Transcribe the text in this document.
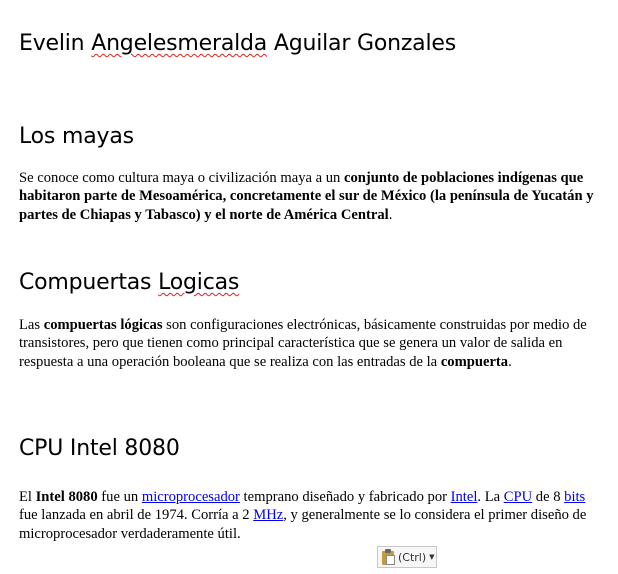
Evelin Angelesmeralda Aguilar Gonzales
Los mayas

Se conoce como cultura maya o civilización maya a un conjunto de poblaciones indígenas que habitaron parte de Mesoamérica, concretamente el sur de México (la península de Yucatán y partes de Chiapas y Tabasco) y el norte de América Central.

Compuertas Logicas

Las compuertas lógicas son configuraciones electrónicas, básicamente construidas por medio de transistores, pero que tienen como principal característica que se genera un valor de salida en respuesta a una operación booleana que se realiza con las entradas de la compuerta.

CPU Intel 8080

El Intel 8080 fue un microprocesador temprano diseñado y fabricado por Intel. La CPU de 8 bits fue lanzada en abril de 1974. Corría a 2 MHz, y generalmente se lo considera el primer diseño de microprocesador verdaderamente útil.

(Ctrl) ▼
